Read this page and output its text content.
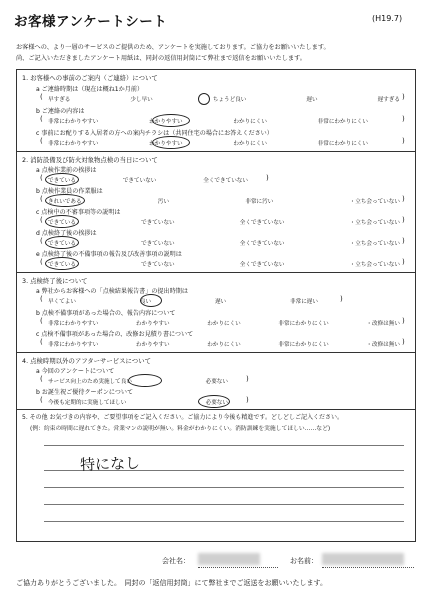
お客様アンケートシート	(H19.7)
お客様への、より一層のサービスのご提供のため、アンケートを実施しております。ご協力をお願いいたします。
尚、ご記入いただきましたアンケート用紙は、同封の返信用封筒にて弊社まで返信をお願いいたします。
1. お客様への事前のご案内（ご連絡）について
a ご連絡時期は（現在は概ね1か月前）
( 早すぎる	少し早い	ちょうど良い	遅い	遅すぎる )
b ご連絡の内容は
( 非常にわかりやすい	わかりやすい	わかりにくい	非常にわかりにくい	)
c 事前にお配りする入居者の方への案内チラシは（共同住宅の場合にお答えください）
( 非常にわかりやすい	わかりやすい	わかりにくい	非常にわかりにくい	)
2. 消防設備及び防火対象物点検の当日について
a 点検作業前の挨拶は
( できている	できていない	全くできていない	)
b 点検作業員の作業服は
( きれいである	汚い	非常に汚い	・立ち会っていない )
c 点検中の不審事項等の説明は
( できている	できていない	全くできていない	・立ち会っていない )
d 点検終了後の挨拶は
( できている	できていない	全くできていない	・立ち会っていない )
e 点検終了後の不備事項の報告及び改善事項の説明は
( できている	できていない	全くできていない	・立ち会っていない )
3. 点検終了後について
a 弊社からお客様への「点検結果報告書」の提出時期は
( 早くてよい	良い	遅い	非常に遅い	)
b 点検不備事項があった場合の、報告内容について
( 非常にわかりやすい	わかりやすい	わかりにくい	非常にわかりにくい	・改修は無い )
c 点検不備事項があった場合の、改修お見積り書について
( 非常にわかりやすい	わかりやすい	わかりにくい	非常にわかりにくい	・改修は無い )
4. 点検時期以外のアフターサービスについて
a 今回のアンケートについて
( サービス向上のため実施して良い	必要ない	)
b お誕生祝ご優待クーポンについて
( 今後も定期的に実施してほしい	必要ない	)
5. その他 お気づきの内容や、ご要望事項をご記入ください。ご協力により今後も精進です。どしどしご記入ください。
(例：約束の時間に遅れてきた。営業マンの説明が無い。料金がわかりにくい。消防訓練を実施してほしい……など)
特になし
会社名：	お名前：
ご協力ありがとうございました。　同封の「返信用封筒」にて弊社までご返送をお願いいたします。
